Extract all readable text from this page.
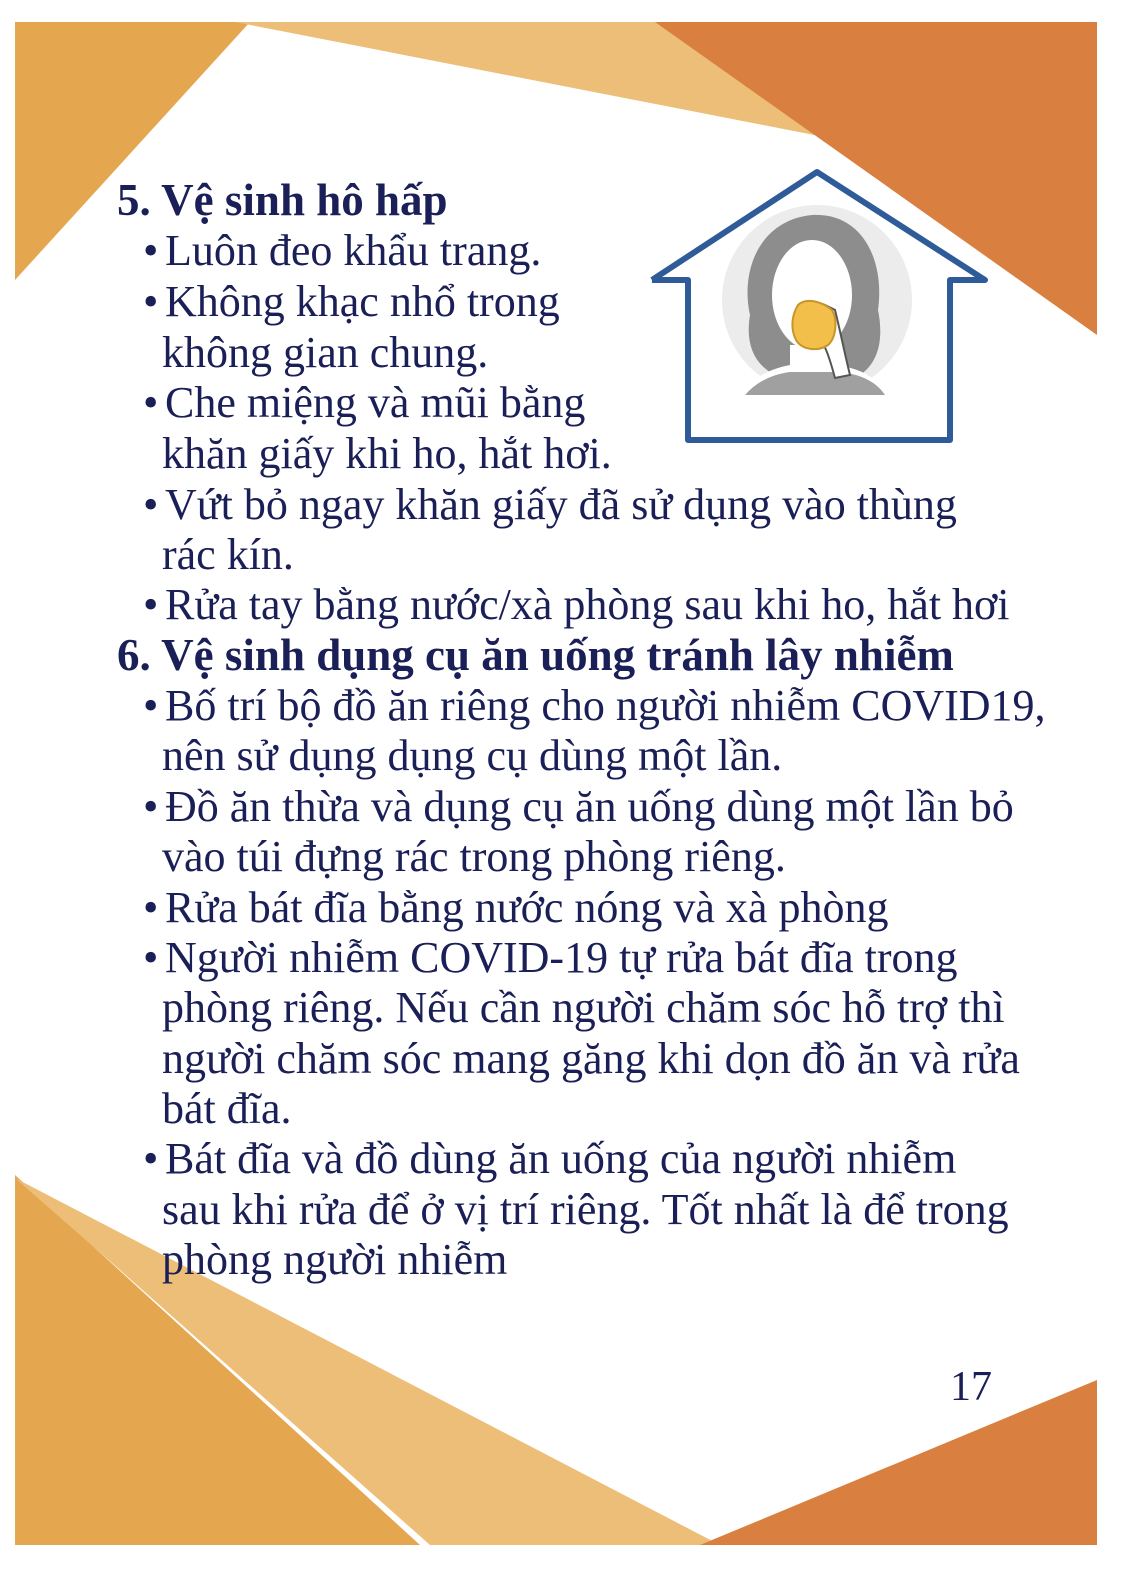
5. Vệ sinh hô hấp
• Luôn đeo khẩu trang.
• Không khạc nhổ trong
không gian chung.
• Che miệng và mũi bằng
khăn giấy khi ho, hắt hơi.
• Vứt bỏ ngay khăn giấy đã sử dụng vào thùng
rác kín.
• Rửa tay bằng nước/xà phòng sau khi ho, hắt hơi
6. Vệ sinh dụng cụ ăn uống tránh lây nhiễm
• Bố trí bộ đồ ăn riêng cho người nhiễm COVID19,
nên sử dụng dụng cụ dùng một lần.
• Đồ ăn thừa và dụng cụ ăn uống dùng một lần bỏ
vào túi đựng rác trong phòng riêng.
• Rửa bát đĩa bằng nước nóng và xà phòng
• Người nhiễm COVID-19 tự rửa bát đĩa trong
phòng riêng. Nếu cần người chăm sóc hỗ trợ thì
người chăm sóc mang găng khi dọn đồ ăn và rửa
bát đĩa.
• Bát đĩa và đồ dùng ăn uống của người nhiễm
sau khi rửa để ở vị trí riêng. Tốt nhất là để trong
phòng người nhiễm
17
